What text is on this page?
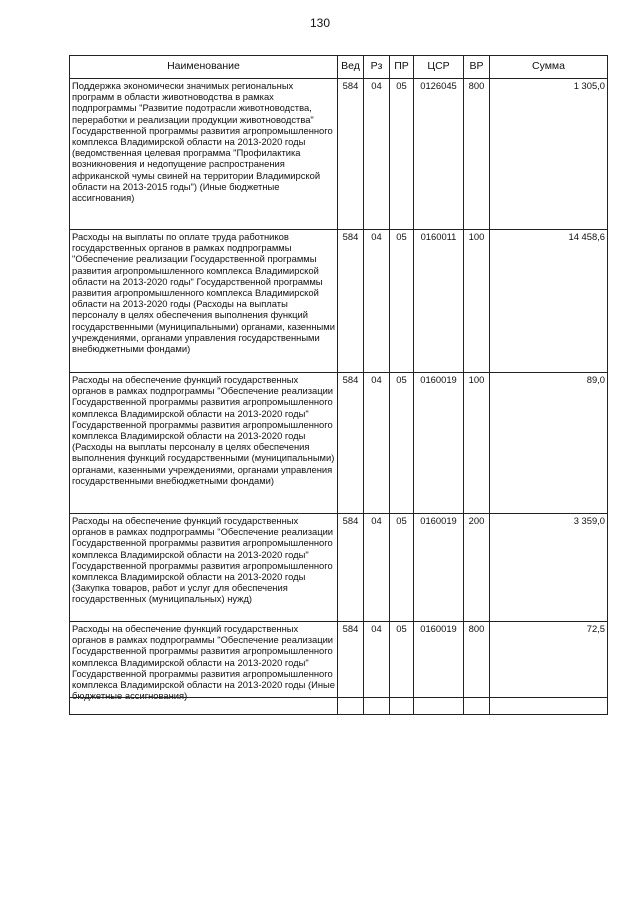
130
Наименование	Вед	Рз	ПР	ЦСР	ВР	Сумма
Поддержка экономически значимых региональных программ в области животноводства в рамках подпрограммы "Развитие подотрасли животноводства, переработки и реализации продукции животноводства" Государственной программы развития агропромышленного комплекса Владимирской области на 2013-2020 годы (ведомственная целевая программа "Профилактика возникновения и недопущение распространения африканской чумы свиней на территории Владимирской области на 2013-2015 годы") (Иные бюджетные ассигнования)	584	04	05	0126045	800	1 305,0
Расходы на выплаты по оплате труда работников государственных органов в рамках подпрограммы "Обеспечение реализации Государственной программы развития агропромышленного комплекса Владимирской области на 2013-2020 годы" Государственной программы развития агропромышленного комплекса Владимирской области на 2013-2020 годы (Расходы на выплаты персоналу в целях обеспечения выполнения функций государственными (муниципальными) органами, казенными учреждениями, органами управления государственными внебюджетными фондами)	584	04	05	0160011	100	14 458,6
Расходы на обеспечение функций государственных органов в рамках подпрограммы "Обеспечение реализации Государственной программы развития агропромышленного комплекса Владимирской области на 2013-2020 годы" Государственной программы развития агропромышленного комплекса Владимирской области на 2013-2020 годы (Расходы на выплаты персоналу в целях обеспечения выполнения функций государственными (муниципальными) органами, казенными учреждениями, органами управления государственными внебюджетными фондами)	584	04	05	0160019	100	89,0
Расходы на обеспечение функций государственных органов в рамках подпрограммы "Обеспечение реализации Государственной программы развития агропромышленного комплекса Владимирской области на 2013-2020 годы" Государственной программы развития агропромышленного комплекса Владимирской области на 2013-2020 годы (Закупка товаров, работ и услуг для обеспечения государственных (муниципальных) нужд)	584	04	05	0160019	200	3 359,0
Расходы на обеспечение функций государственных органов в рамках подпрограммы "Обеспечение реализации Государственной программы развития агропромышленного комплекса Владимирской области на 2013-2020 годы" Государственной программы развития агропромышленного комплекса Владимирской области на 2013-2020 годы (Иные бюджетные ассигнования)	584	04	05	0160019	800	72,5
